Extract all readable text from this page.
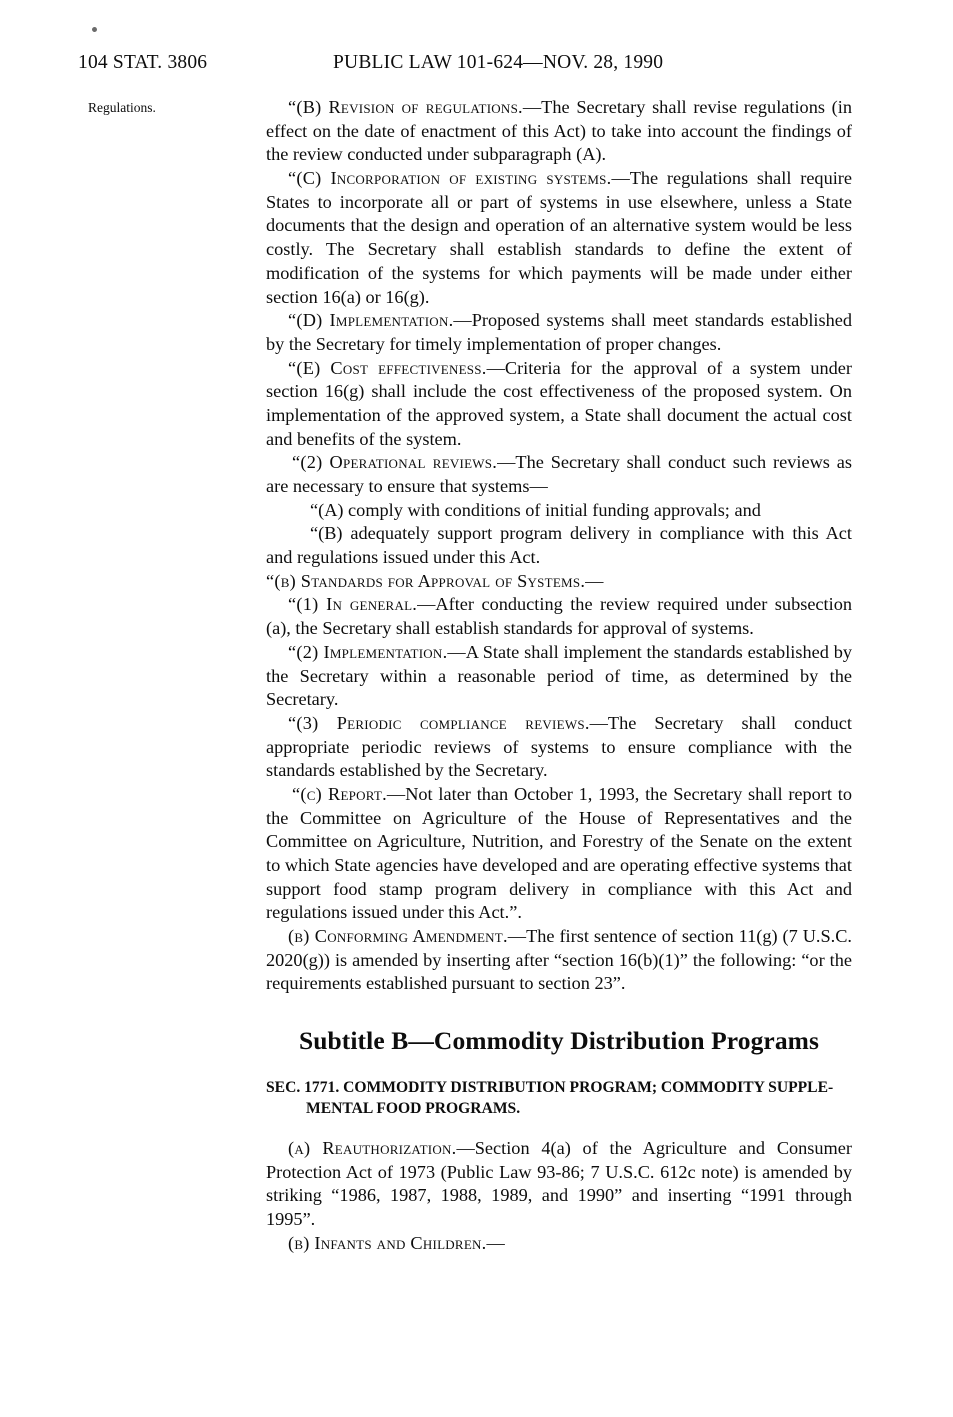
104 STAT. 3806	PUBLIC LAW 101-624—NOV. 28, 1990
Regulations.	“(B) Revision of regulations.—The Secretary shall revise regulations (in effect on the date of enactment of this Act) to take into account the findings of the review conducted under subparagraph (A).

“(C) Incorporation of existing systems.—The regulations shall require States to incorporate all or part of systems in use elsewhere, unless a State documents that the design and operation of an alternative system would be less costly. The Secretary shall establish standards to define the extent of modification of the systems for which payments will be made under either section 16(a) or 16(g).

“(D) Implementation.—Proposed systems shall meet standards established by the Secretary for timely implementation of proper changes.

“(E) Cost effectiveness.—Criteria for the approval of a system under section 16(g) shall include the cost effectiveness of the proposed system. On implementation of the approved system, a State shall document the actual cost and benefits of the system.

“(2) Operational reviews.—The Secretary shall conduct such reviews as are necessary to ensure that systems—

“(A) comply with conditions of initial funding approvals; and

“(B) adequately support program delivery in compliance with this Act and regulations issued under this Act.

“(b) Standards for Approval of Systems.—

“(1) In general.—After conducting the review required under subsection (a), the Secretary shall establish standards for approval of systems.

“(2) Implementation.—A State shall implement the standards established by the Secretary within a reasonable period of time, as determined by the Secretary.

“(3) Periodic compliance reviews.—The Secretary shall conduct appropriate periodic reviews of systems to ensure compliance with the standards established by the Secretary.

“(c) Report.—Not later than October 1, 1993, the Secretary shall report to the Committee on Agriculture of the House of Representatives and the Committee on Agriculture, Nutrition, and Forestry of the Senate on the extent to which State agencies have developed and are operating effective systems that support food stamp program delivery in compliance with this Act and regulations issued under this Act.”.

(b) Conforming Amendment.—The first sentence of section 11(g) (7 U.S.C. 2020(g)) is amended by inserting after “section 16(b)(1)” the following: “or the requirements established pursuant to section 23”.

Subtitle B—Commodity Distribution Programs
SEC. 1771. COMMODITY DISTRIBUTION PROGRAM; COMMODITY SUPPLE-
MENTAL FOOD PROGRAMS.

(a) Reauthorization.—Section 4(a) of the Agriculture and Consumer Protection Act of 1973 (Public Law 93-86; 7 U.S.C. 612c note) is amended by striking “1986, 1987, 1988, 1989, and 1990” and inserting “1991 through 1995”.

(b) Infants and Children.—
